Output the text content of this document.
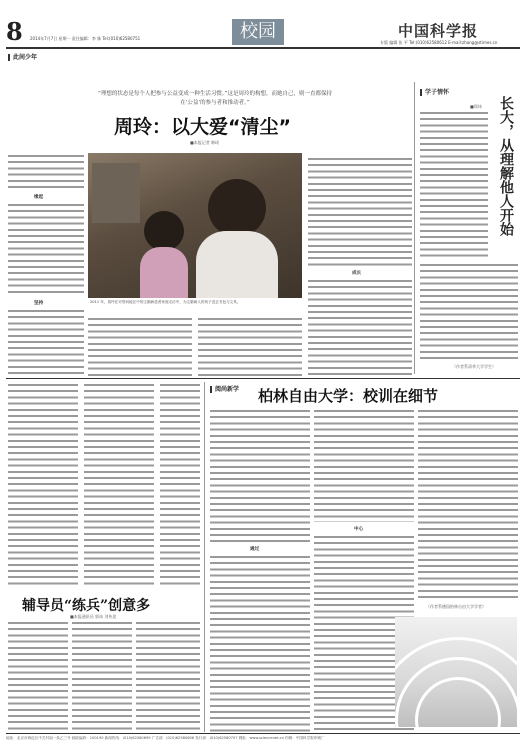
8 2014年7月7日 星期一 责任编辑：李 姝 Tel:(010)62580751	校园	中国科学报
专版 编辑 张 平 Tel:(010)62580612 E-mail:zhang@stimes.cn
此间少年
“理想的状态是每个人把参与公益变成一种生活习惯。”这是周玲的构想，而她自己，则一直都保持在‘公益’的参与者和推动者。”
周玲：以大爱“清尘”
■本报记者 韩琦
2011 年，周玲在对塔河地区中的尘肺病患者家庭走访中，为尘肺病人的孩子送去书包与文具。
缘起
坚持
成长
学子情怀
长大，从理解他人开始
■郑炜
（作者系清华大学学生）
辅导员“练兵”创意多
■本报通讯员 郭冰 刘传思
阅尚新学 柏林自由大学：校训在细节
通过
中心
（作者系德国柏林自由大学学者）
地址：北京市海淀区中关村南一条乙三号 邮政编码：100190 新闻热线：(010)62580699 广告部：(010)62580606 发行部：(010)62580707 网址：www.sciencenet.cn 印刷：中国科学报印刷厂
